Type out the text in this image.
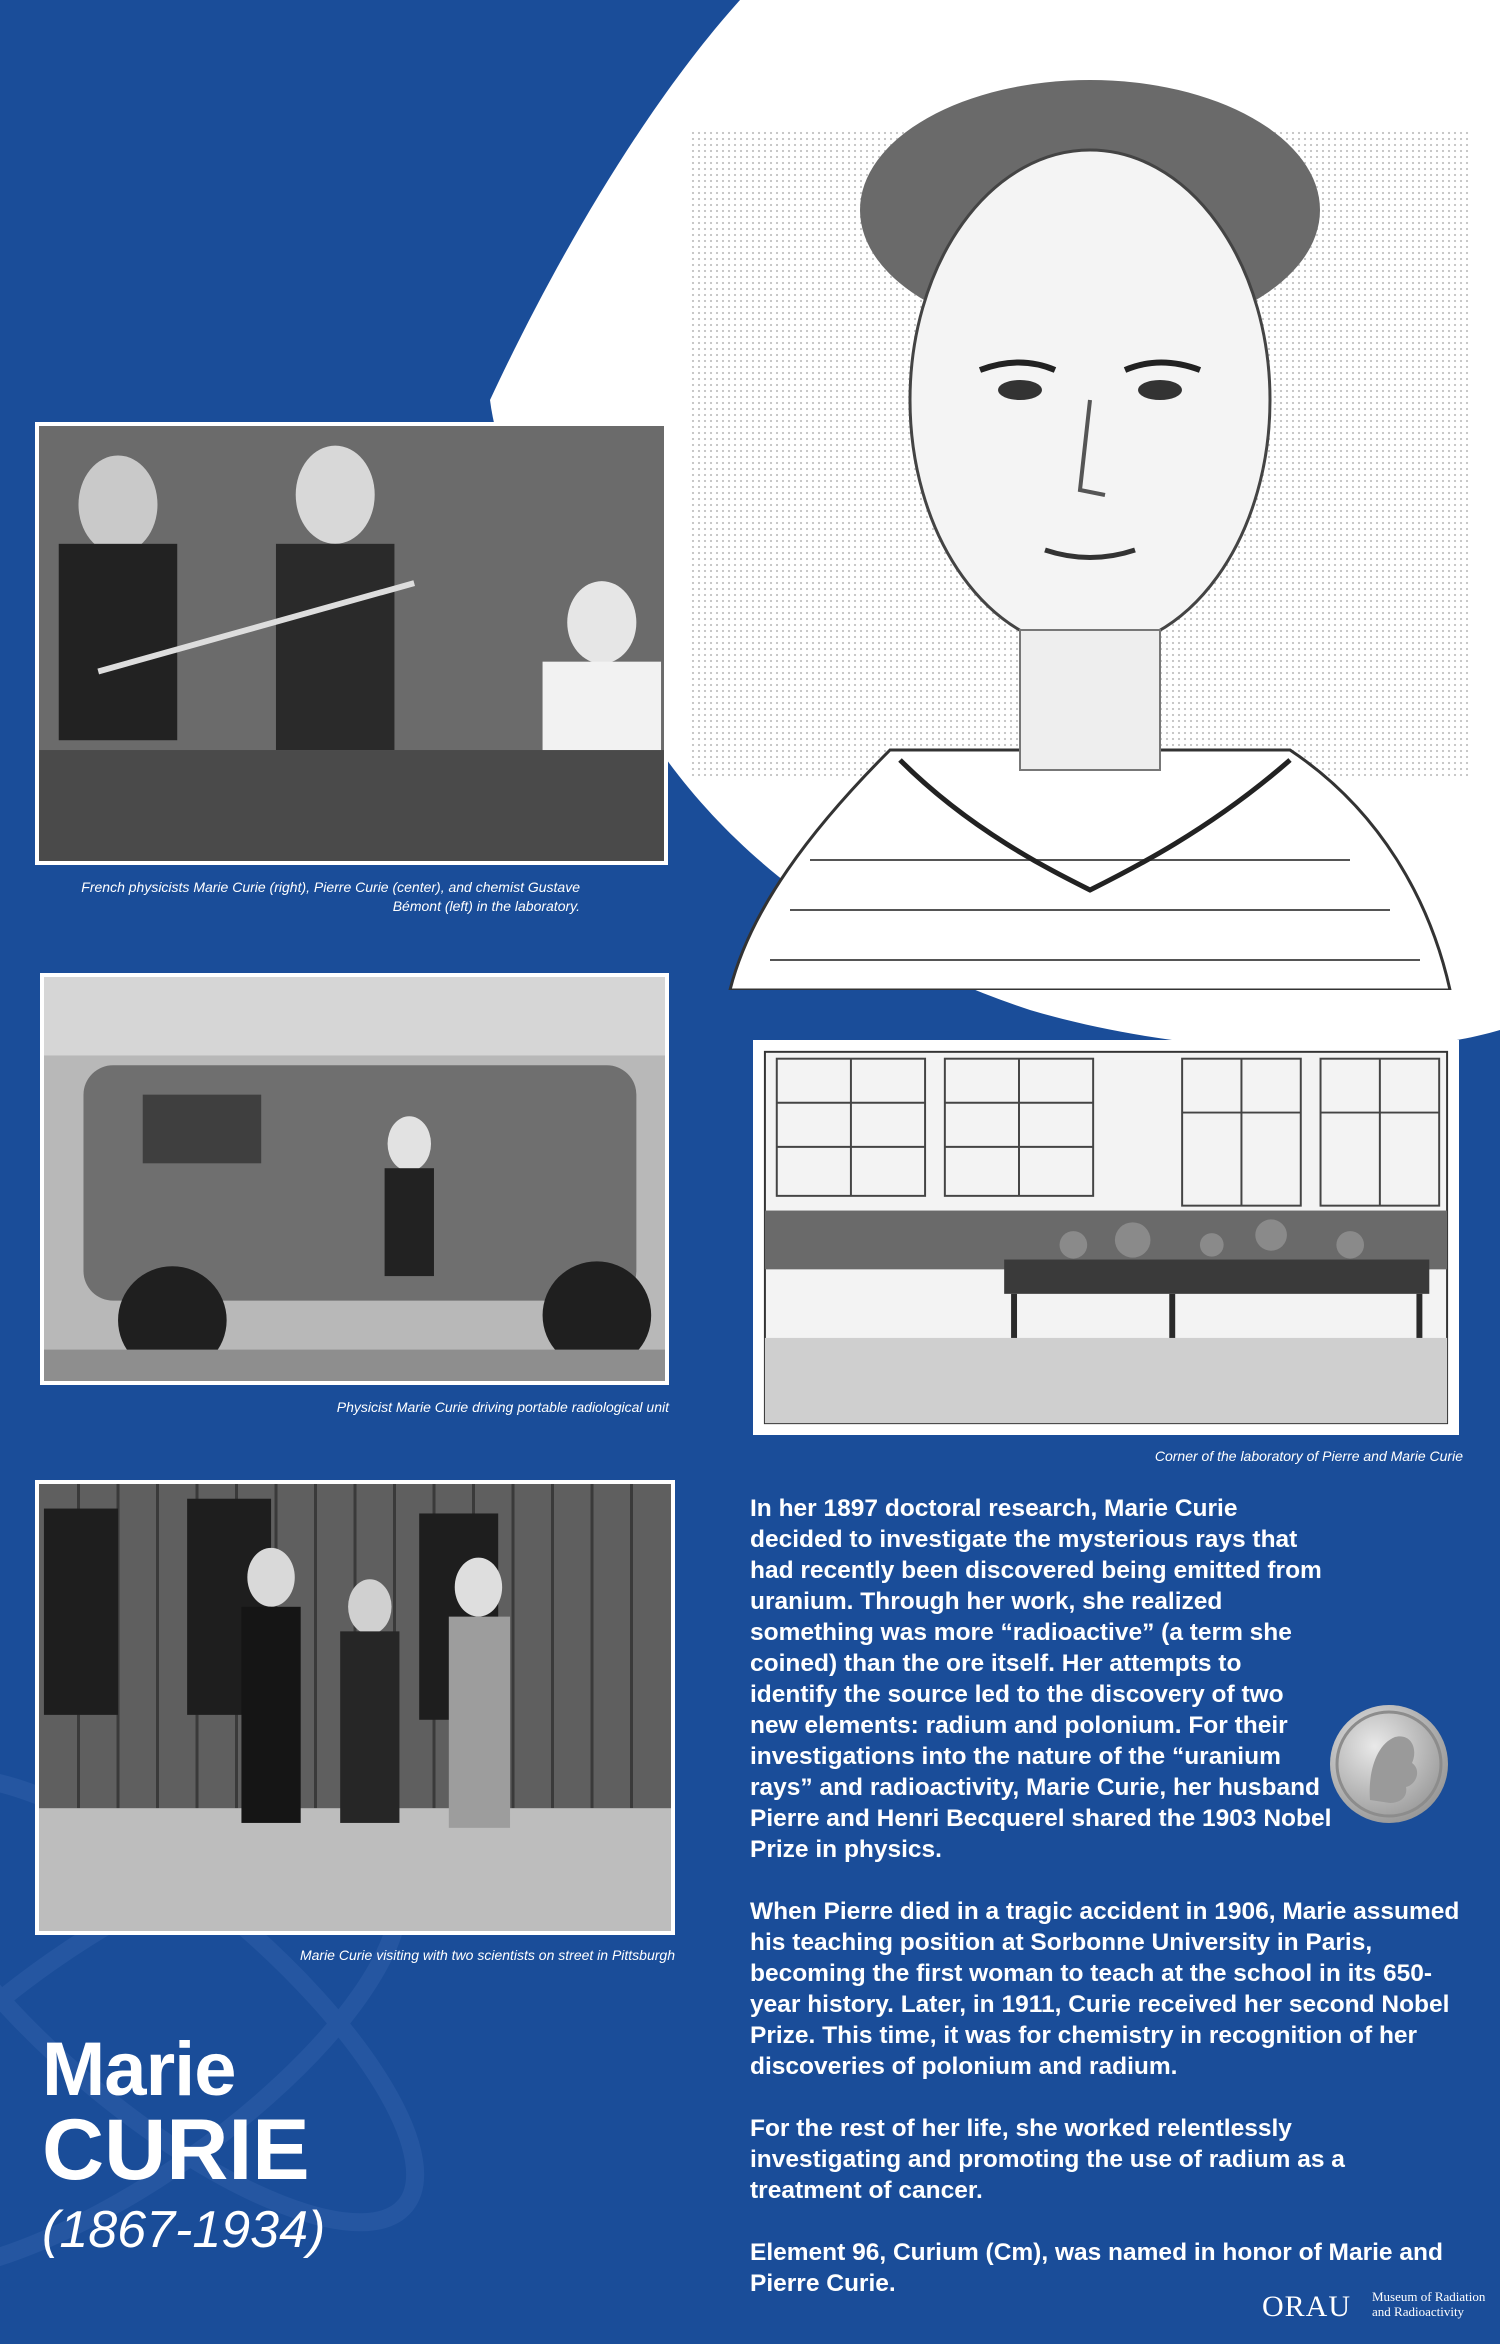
French physicists Marie Curie (right), Pierre Curie (center), and chemist Gustave
Bémont (left) in the laboratory.
Physicist Marie Curie driving portable radiological unit
Corner of the laboratory of Pierre and Marie Curie
Marie Curie visiting with two scientists on street in Pittsburgh

In her 1897 doctoral research, Marie Curie decided to investigate the mysterious rays that had recently been discovered being emitted from uranium. Through her work, she realized something was more “radioactive” (a term she coined) than the ore itself. Her attempts to identify the source led to the discovery of two new elements: radium and polonium. For their investigations into the nature of the “uranium rays” and radioactivity, Marie Curie, her husband Pierre and Henri Becquerel shared the 1903 Nobel Prize in physics.

When Pierre died in a tragic accident in 1906, Marie assumed his teaching position at Sorbonne University in Paris, becoming the first woman to teach at the school in its 650-year history. Later, in 1911, Curie received her second Nobel Prize. This time, it was for chemistry in recognition of her discoveries of polonium and radium.

For the rest of her life, she worked relentlessly investigating and promoting the use of radium as a treatment of cancer.

Element 96, Curium (Cm), was named in honor of Marie and Pierre Curie.

Marie
CURIE
(1867-1934)
ORAU Museum of Radiation
and Radioactivity
